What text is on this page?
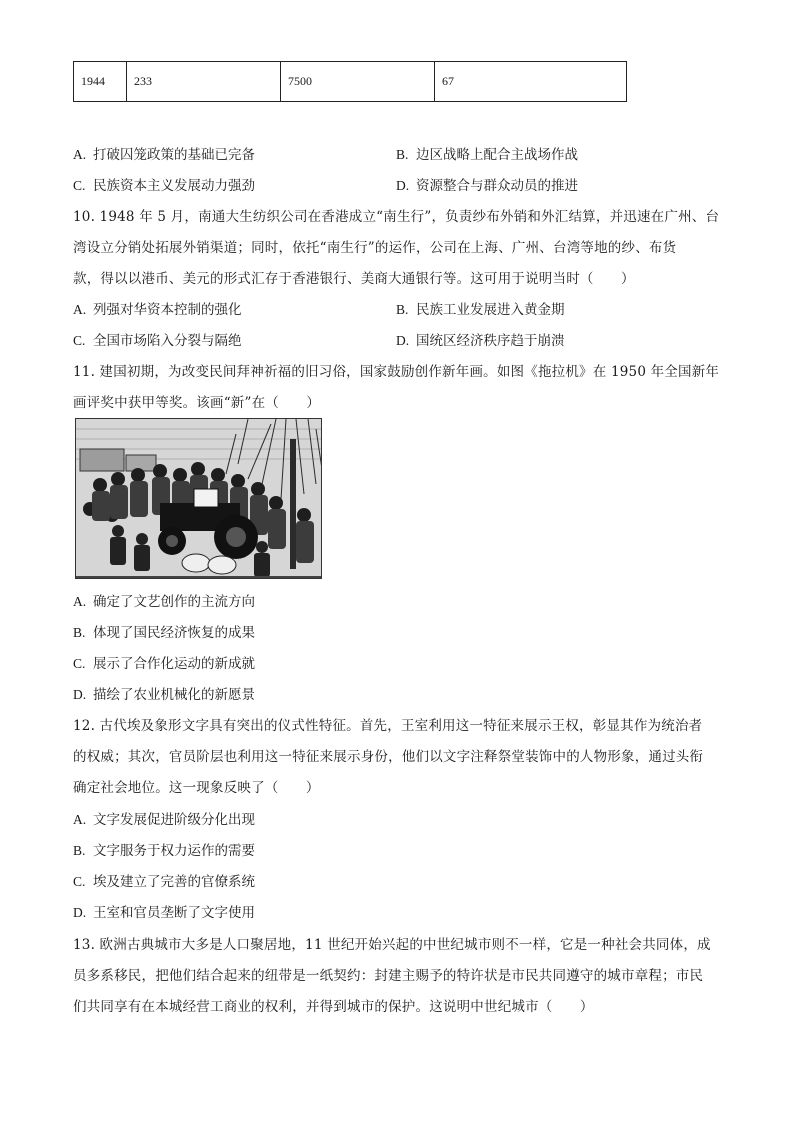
1944	233	7500	67
A. 打破囚笼政策的基础已完备	B. 边区战略上配合主战场作战
C. 民族资本主义发展动力强劲	D. 资源整合与群众动员的推进
10. 1948 年 5 月，南通大生纺织公司在香港成立“南生行”，负责纱布外销和外汇结算，并迅速在广州、台
湾设立分销处拓展外销渠道；同时，依托“南生行”的运作，公司在上海、广州、台湾等地的纱、布货
款，得以以港币、美元的形式汇存于香港银行、美商大通银行等。这可用于说明当时（　　）
A. 列强对华资本控制的强化	B. 民族工业发展进入黄金期
C. 全国市场陷入分裂与隔绝	D. 国统区经济秩序趋于崩溃
11. 建国初期，为改变民间拜神祈福的旧习俗，国家鼓励创作新年画。如图《拖拉机》在 1950 年全国新年
画评奖中获甲等奖。该画“新”在（　　）
A. 确定了文艺创作的主流方向
B. 体现了国民经济恢复的成果
C. 展示了合作化运动的新成就
D. 描绘了农业机械化的新愿景
12. 古代埃及象形文字具有突出的仪式性特征。首先，王室利用这一特征来展示王权，彰显其作为统治者
的权威；其次，官员阶层也利用这一特征来展示身份，他们以文字注释祭堂装饰中的人物形象，通过头衔
确定社会地位。这一现象反映了（　　）
A. 文字发展促进阶级分化出现
B. 文字服务于权力运作的需要
C. 埃及建立了完善的官僚系统
D. 王室和官员垄断了文字使用
13. 欧洲古典城市大多是人口聚居地，11 世纪开始兴起的中世纪城市则不一样，它是一种社会共同体，成
员多系移民，把他们结合起来的纽带是一纸契约：封建主赐予的特许状是市民共同遵守的城市章程；市民
们共同享有在本城经营工商业的权利，并得到城市的保护。这说明中世纪城市（　　）
